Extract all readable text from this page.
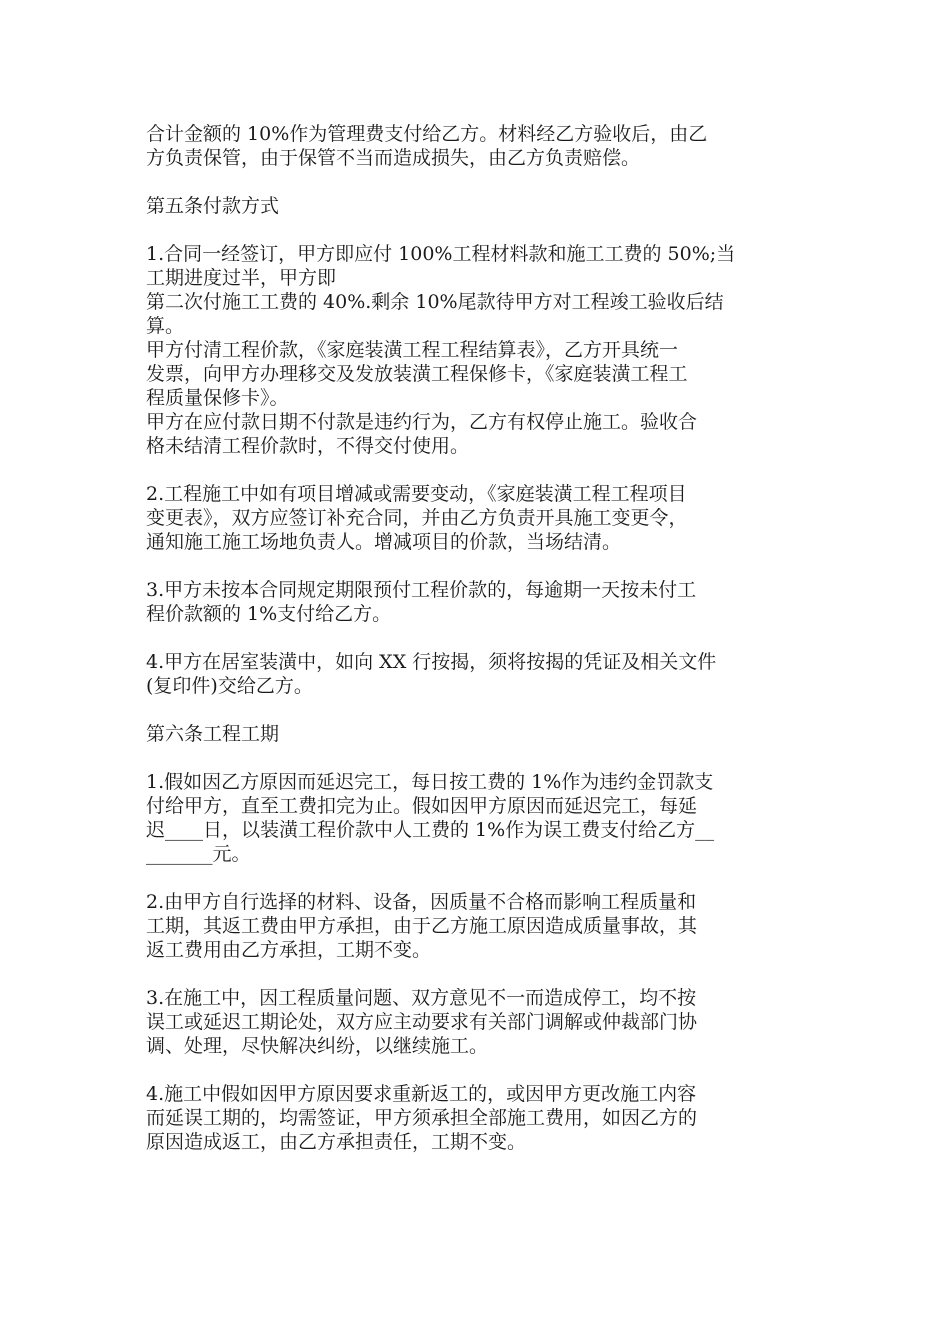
合计金额的 10%作为管理费支付给乙方。材料经乙方验收后，由乙
方负责保管，由于保管不当而造成损失，由乙方负责赔偿。
第五条付款方式
1.合同一经签订，甲方即应付 100%工程材料款和施工工费的 50%;当
工期进度过半，甲方即
第二次付施工工费的 40%.剩余 10%尾款待甲方对工程竣工验收后结
算。
甲方付清工程价款，《家庭装潢工程工程结算表》，乙方开具统一
发票，向甲方办理移交及发放装潢工程保修卡，《家庭装潢工程工
程质量保修卡》。
甲方在应付款日期不付款是违约行为，乙方有权停止施工。验收合
格未结清工程价款时，不得交付使用。
2.工程施工中如有项目增减或需要变动，《家庭装潢工程工程项目
变更表》，双方应签订补充合同，并由乙方负责开具施工变更令，
通知施工施工场地负责人。增减项目的价款，当场结清。
3.甲方未按本合同规定期限预付工程价款的，每逾期一天按未付工
程价款额的 1%支付给乙方。
4.甲方在居室装潢中，如向 XX 行按揭，须将按揭的凭证及相关文件
(复印件)交给乙方。
第六条工程工期
1.假如因乙方原因而延迟完工，每日按工费的 1%作为违约金罚款支
付给甲方，直至工费扣完为止。假如因甲方原因而延迟完工，每延
迟____日，以装潢工程价款中人工费的 1%作为误工费支付给乙方__
_______元。
2.由甲方自行选择的材料、设备，因质量不合格而影响工程质量和
工期，其返工费由甲方承担，由于乙方施工原因造成质量事故，其
返工费用由乙方承担，工期不变。
3.在施工中，因工程质量问题、双方意见不一而造成停工，均不按
误工或延迟工期论处，双方应主动要求有关部门调解或仲裁部门协
调、处理，尽快解决纠纷，以继续施工。
4.施工中假如因甲方原因要求重新返工的，或因甲方更改施工内容
而延误工期的，均需签证，甲方须承担全部施工费用，如因乙方的
原因造成返工，由乙方承担责任，工期不变。
